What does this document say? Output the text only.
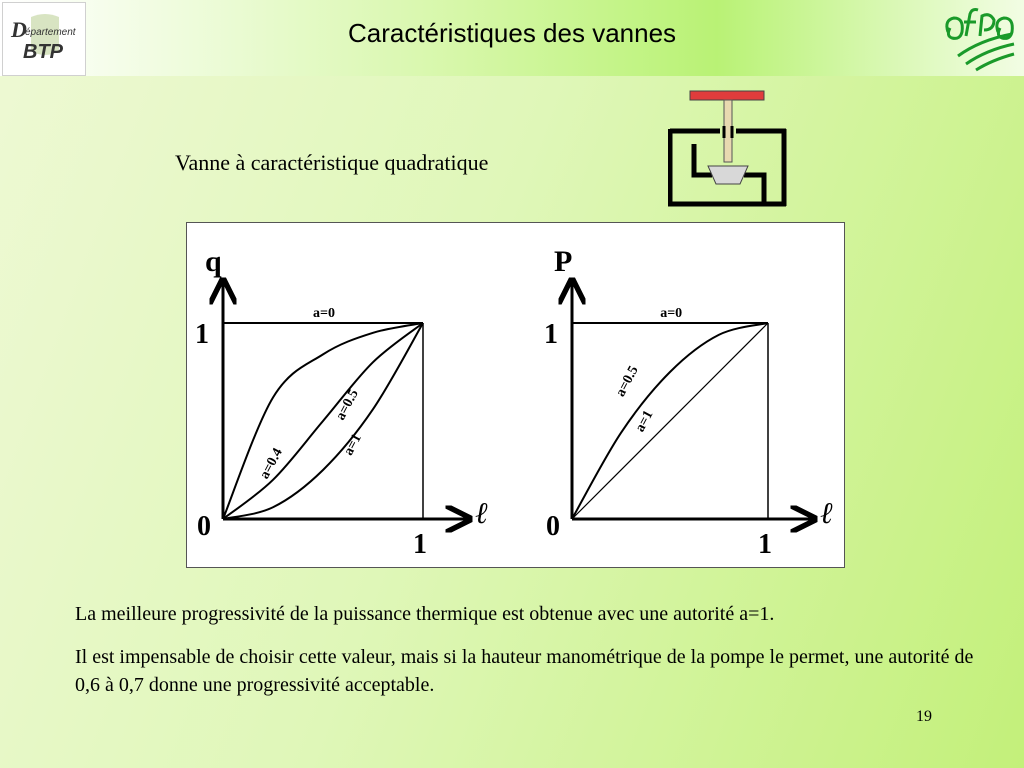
D
épartement
BTP
Caractéristiques des vannes
Vanne à caractéristique quadratique
q
ℓ
0
1
1
a=0
a=0.4
a=0.5
a=1
P
ℓ
0
1
1
a=0
a=0.5
a=1
La meilleure progressivité de la puissance thermique est obtenue avec une autorité a=1.
Il est impensable de choisir cette valeur, mais si la hauteur manométrique de la pompe le permet, une autorité de 0,6 à 0,7 donne une progressivité acceptable.
19
